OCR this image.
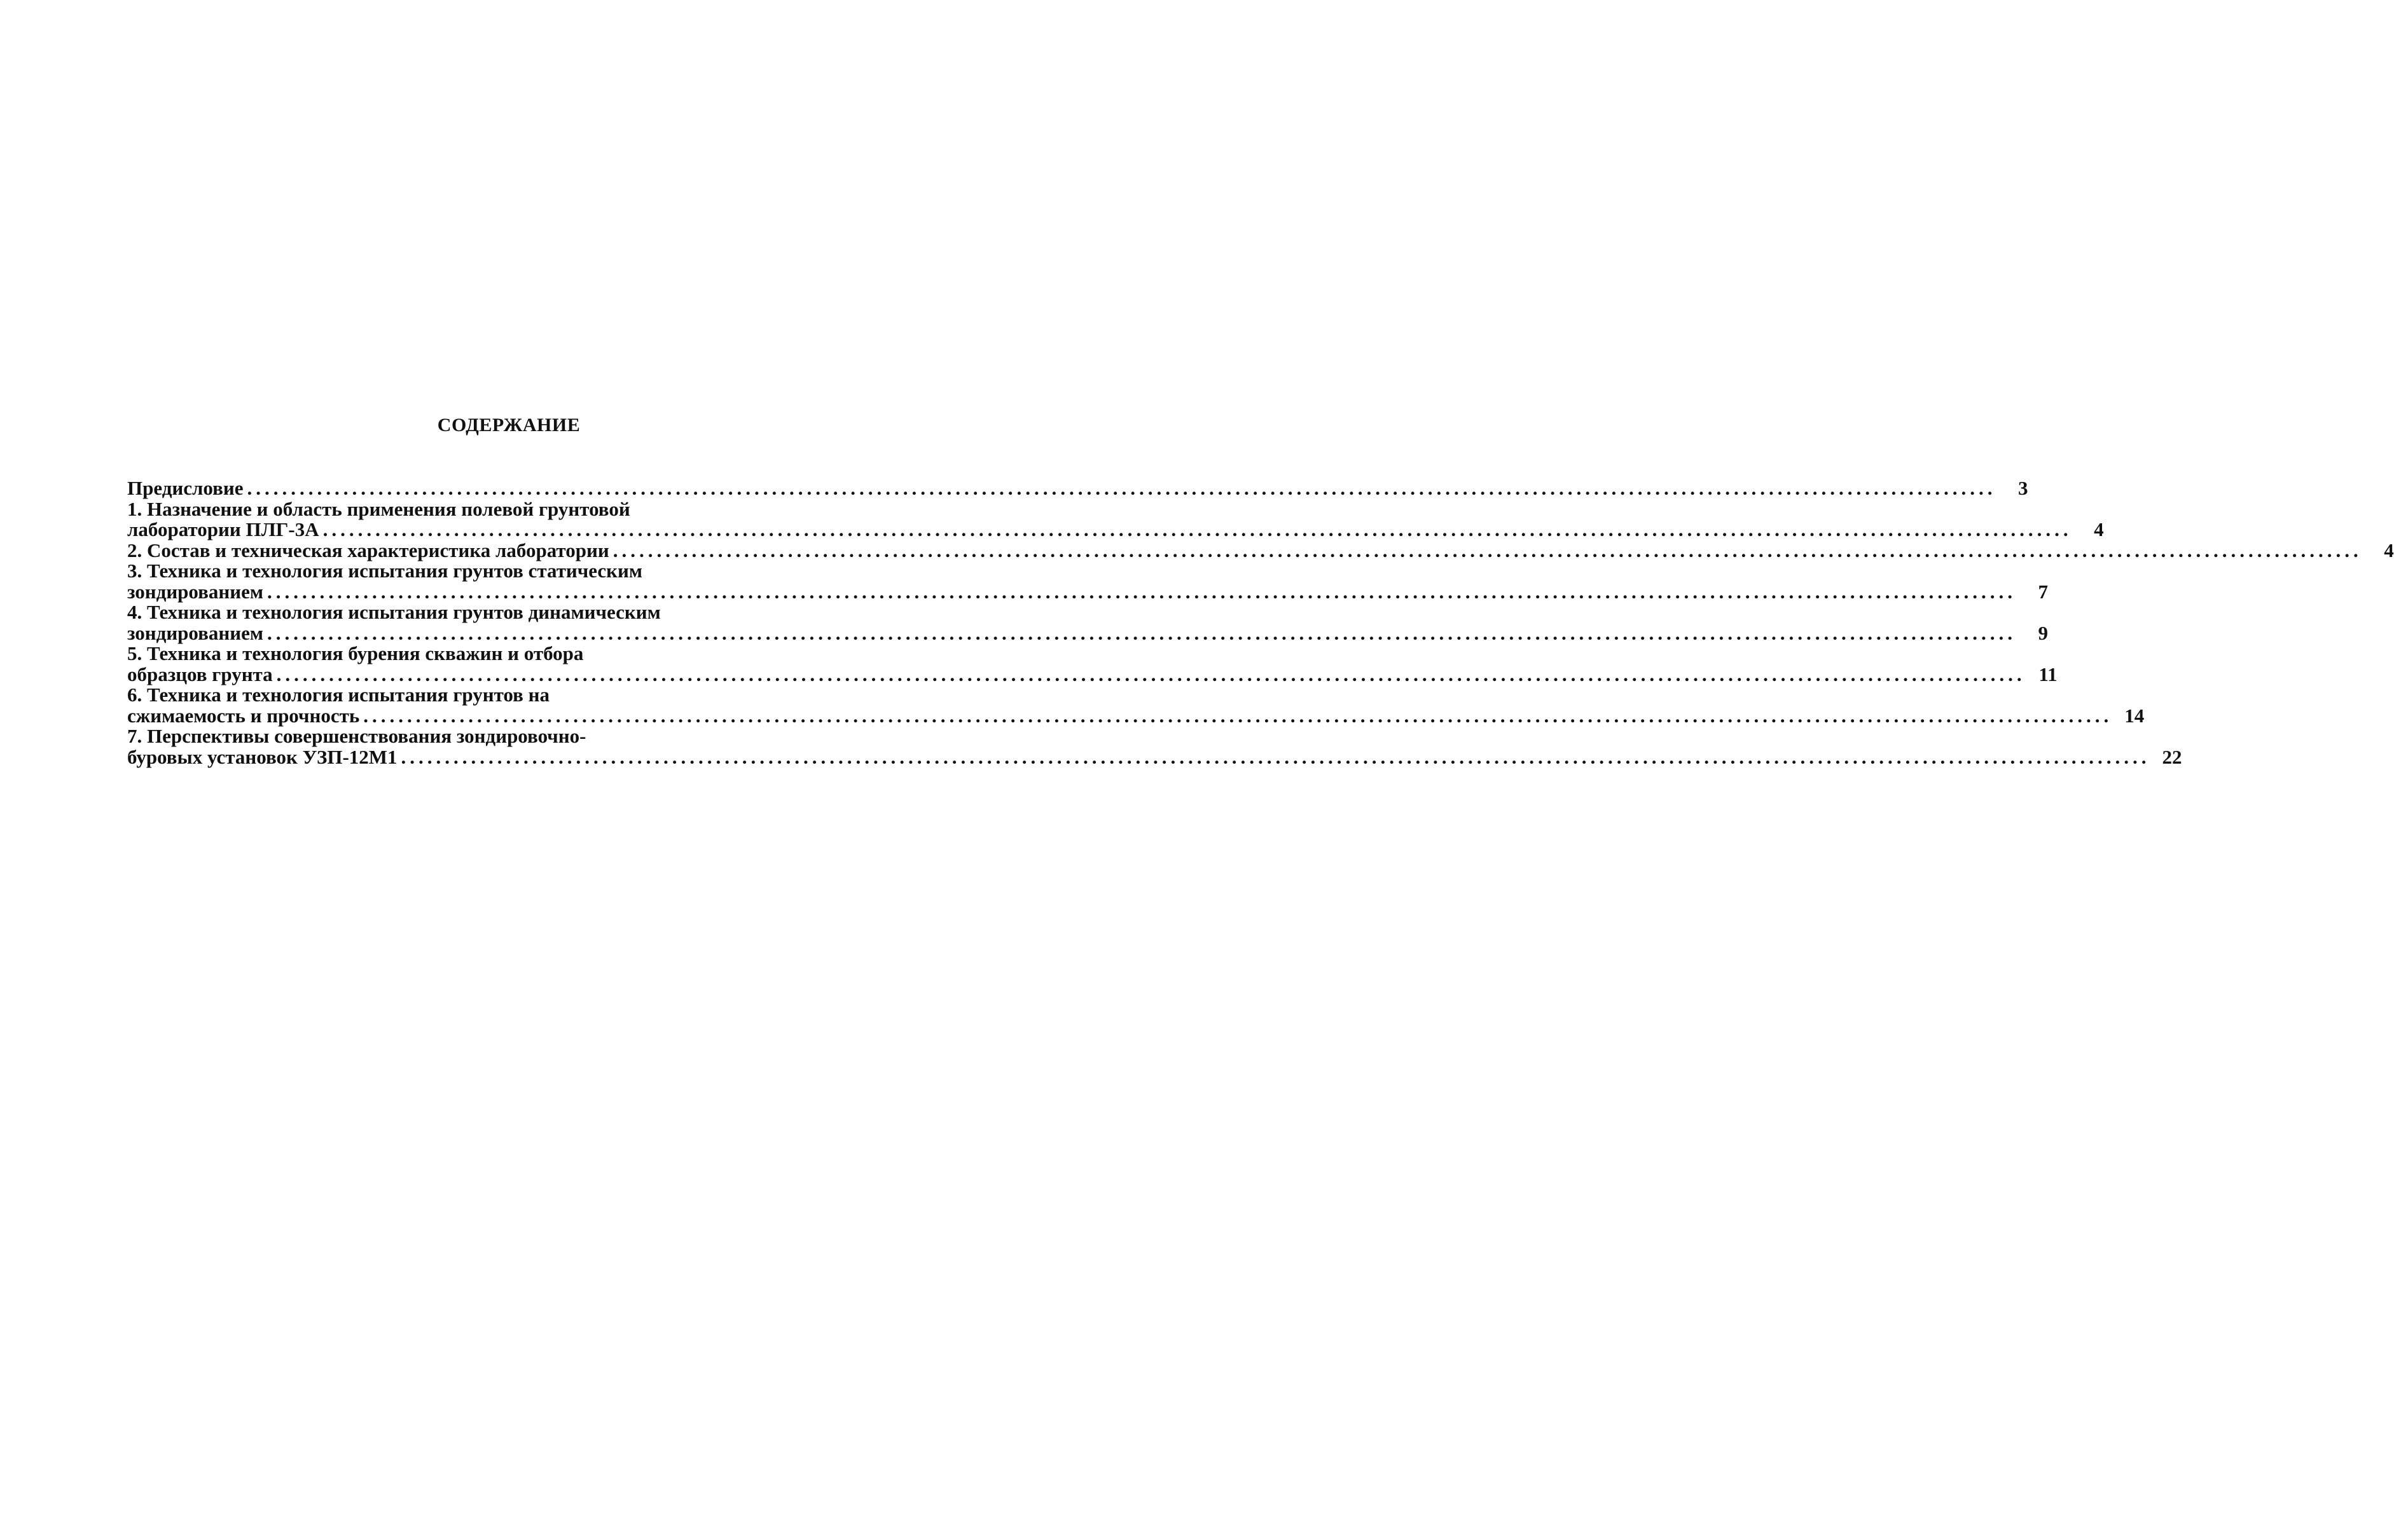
СОДЕРЖАНИЕ
Предисловие ........................................................................................................................................................................................................	3
1. Назначение и область применения полевой грунтовой
лаборатории ПЛГ-3А ........................................................................................................................................................................................................	4
2. Состав и техническая характеристика лаборатории ........................................................................................................................................................................................................	4
3. Техника и технология испытания грунтов статическим
зондированием ........................................................................................................................................................................................................	7
4. Техника и технология испытания грунтов динамическим
зондированием ........................................................................................................................................................................................................	9
5. Техника и технология бурения скважин и отбора
образцов грунта ........................................................................................................................................................................................................ 11
6. Техника и технология испытания грунтов на
сжимаемость и прочность ........................................................................................................................................................................................................ 14
7. Перспективы совершенствования зондировочно-
буровых установок УЗП-12М1 ........................................................................................................................................................................................................ 22
